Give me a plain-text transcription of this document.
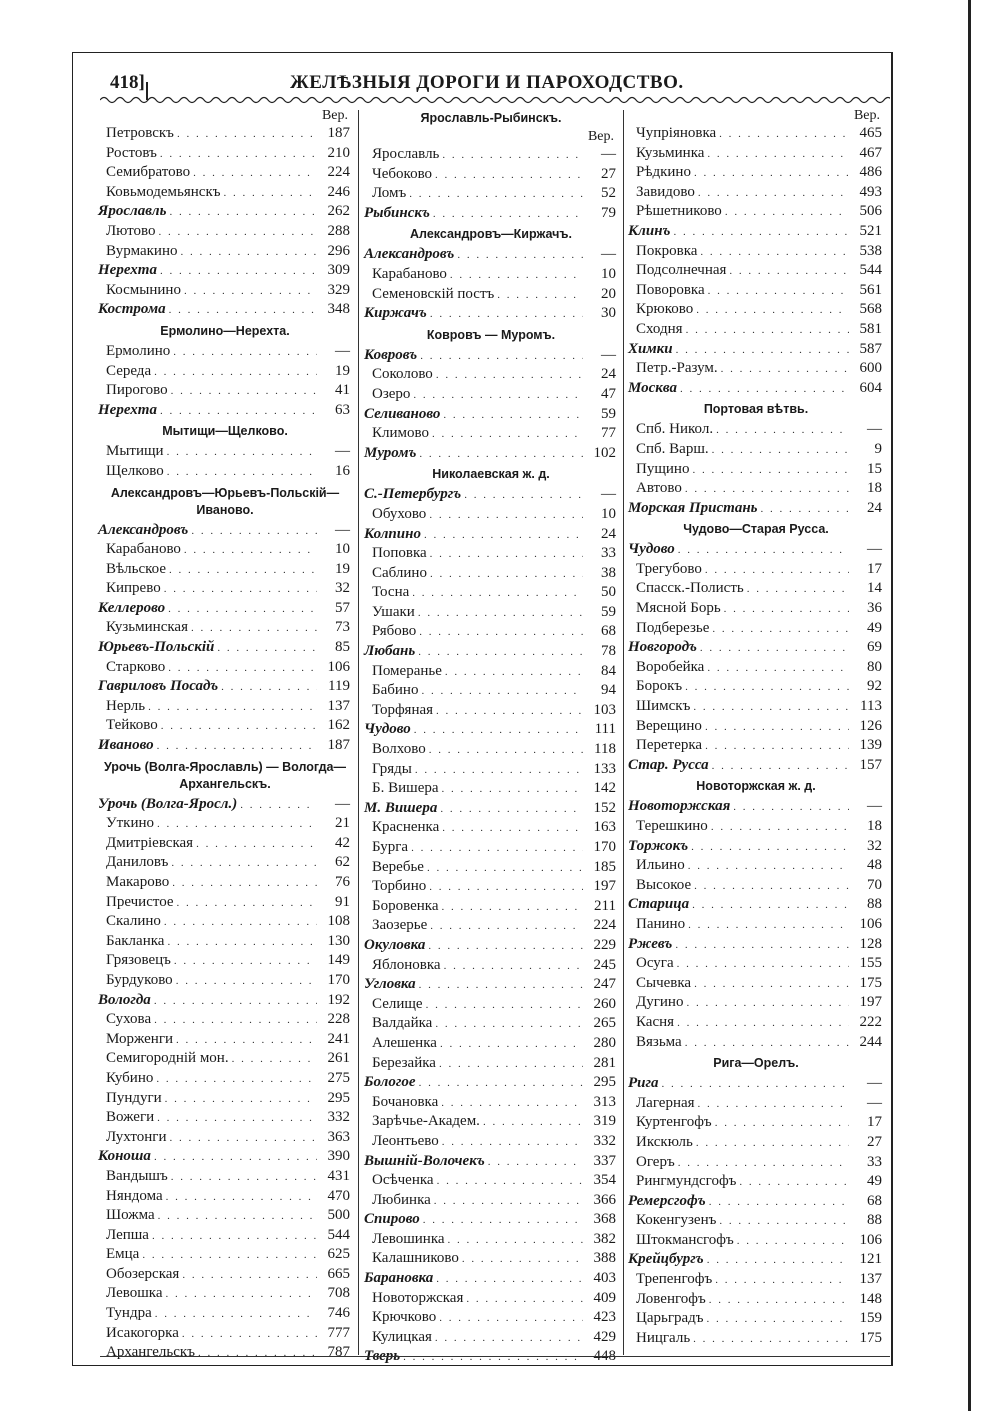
418]	ЖЕЛѢЗНЫЯ ДОРОГИ И ПАРОХОДСТВО.
Вер.
Петровскъ . . .	187
Ростовъ . . .	210
Семибратово . . .	224
Ковьмодемьянскъ . . .	246
Ярославль . . .	262
Лютово . . .	288
Вурмакино . . .	296
Нерехта . . .	309
Космынино . . .	329
Кострома . . .	348
Ермолино—Нерехта.
Ермолино . . .	—
Середа . . .	19
Пирогово . . .	41
Нерехта . . .	63
Мытищи—Щелково.
Мытищи . . .	—
Щелково . . .	16
Александровъ—Юрьевъ-Польскій—Иваново.
Александровъ . . .	—
Карабаново . . .	10
Вѣльское . . .	19
Кипрево . . .	32
Келлерово . . .	57
Кузьминская . . .	73
Юрьевъ-Польскій . . .	85
Старково . . .	106
Гавриловъ Посадъ . . .	119
Нерль . . .	137
Тейково . . .	162
Иваново . . .	187
Урочь (Волга-Ярославль) — Вологда—Архангельскъ.
Урочь (Волга-Яросл.) . . .	—
Уткино . . .	21
Дмитріевская . . .	42
Даниловъ . . .	62
Макарово . . .	76
Пречистое . . .	91
Скалино . . .	108
Бакланка . . .	130
Грязовецъ . . .	149
Бурдуково . . .	170
Вологда . . .	192
Сухова . . .	228
Морженги . . .	241
Семигородній мон. . . .	261
Кубино . . .	275
Пундуги . . .	295
Вожеги . . .	332
Лухтонги . . .	363
Коноша . . .	390
Вандышъ . . .	431
Няндома . . .	470
Шожма . . .	500
Лепша . . .	544
Емца . . .	625
Обозерская . . .	665
Левошка . . .	708
Тундра . . .	746
Исакогорка . . .	777
Архангельскъ . . .	787
Ярославль-Рыбинскъ.
Вер.
Ярославль . . .	—
Чебоково . . .	27
Ломъ . . .	52
Рыбинскъ . . .	79
Александровъ—Киржачъ.
Александровъ . . .	—
Карабаново . . .	10
Семеновскій постъ . . .	20
Киржачъ . . .	30
Ковровъ — Муромъ.
Ковровъ . . .	—
Соколово . . .	24
Озеро . . .	47
Селиваново . . .	59
Климово . . .	77
Муромъ . . .	102
Николаевская ж. д.
С.-Петербургъ . . .	—
Обухово . . .	10
Колпино . . .	24
Поповка . . .	33
Саблино . . .	38
Тосна . . .	50
Ушаки . . .	59
Рябово . . .	68
Любань . . .	78
Померанье . . .	84
Бабино . . .	94
Торфяная . . .	103
Чудово . . .	111
Волхово . . .	118
Гряды . . .	133
Б. Вишера . . .	142
М. Вишера . . .	152
Красненка . . .	163
Бурга . . .	170
Веребье . . .	185
Торбино . . .	197
Боровенка . . .	211
Заозерье . . .	224
Окуловка . . .	229
Яблоновка . . .	245
Угловка . . .	247
Селище . . .	260
Валдайка . . .	265
Алешенка . . .	280
Березайка . . .	281
Бологое . . .	295
Бочановка . . .	313
Зарѣчье-Академ. . . .	319
Леонтьево . . .	332
Вышній-Волочекъ . . .	337
Осѣченка . . .	354
Любинка . . .	366
Спирово . . .	368
Левошинка . . .	382
Калашниково . . .	388
Барановка . . .	403
Новоторжская . . .	409
Крючково . . .	423
Кулицкая . . .	429
Тверь . . .	448
Вер.
Чупріяновка . . .	465
Кузьминка . . .	467
Рѣдкино . . .	486
Завидово . . .	493
Рѣшетниково . . .	506
Клинъ . . .	521
Покровка . . .	538
Подсолнечная . . .	544
Поворовка . . .	561
Крюково . . .	568
Сходня . . .	581
Химки . . .	587
Петр.-Разум. . . .	600
Москва . . .	604
Портовая вѣтвь.
Спб. Никол. . . .	—
Спб. Варш. . . .	9
Пущино . . .	15
Автово . . .	18
Морская Пристань . . .	24
Чудово—Старая Русса.
Чудово . . .	—
Трегубово . . .	17
Спасск.-Полисть . . .	14
Мясной Борь . . .	36
Подберезье . . .	49
Новгородъ . . .	69
Воробейка . . .	80
Борокъ . . .	92
Шимскъ . . .	113
Верещино . . .	126
Перетерка . . .	139
Стар. Русса . . .	157
Новоторжская ж. д.
Новоторжская . . .	—
Терешкино . . .	18
Торжокъ . . .	32
Ильино . . .	48
Высокое . . .	70
Старица . . .	88
Панино . . .	106
Ржевъ . . .	128
Осуга . . .	155
Сычевка . . .	175
Дугино . . .	197
Касня . . .	222
Вязьма . . .	244
Рига—Орелъ.
Рига . . .	—
Лагерная . . .	—
Куртенгофъ . . .	17
Икскюль . . .	27
Огеръ . . .	33
Рингмундсгофъ . . .	49
Ремерсгофъ . . .	68
Кокенгузенъ . . .	88
Штокмансгофъ . . .	106
Крейцбургъ . . .	121
Трепенгофъ . . .	137
Ловенгофъ . . .	148
Царьградъ . . .	159
Ницгаль . . .	175
